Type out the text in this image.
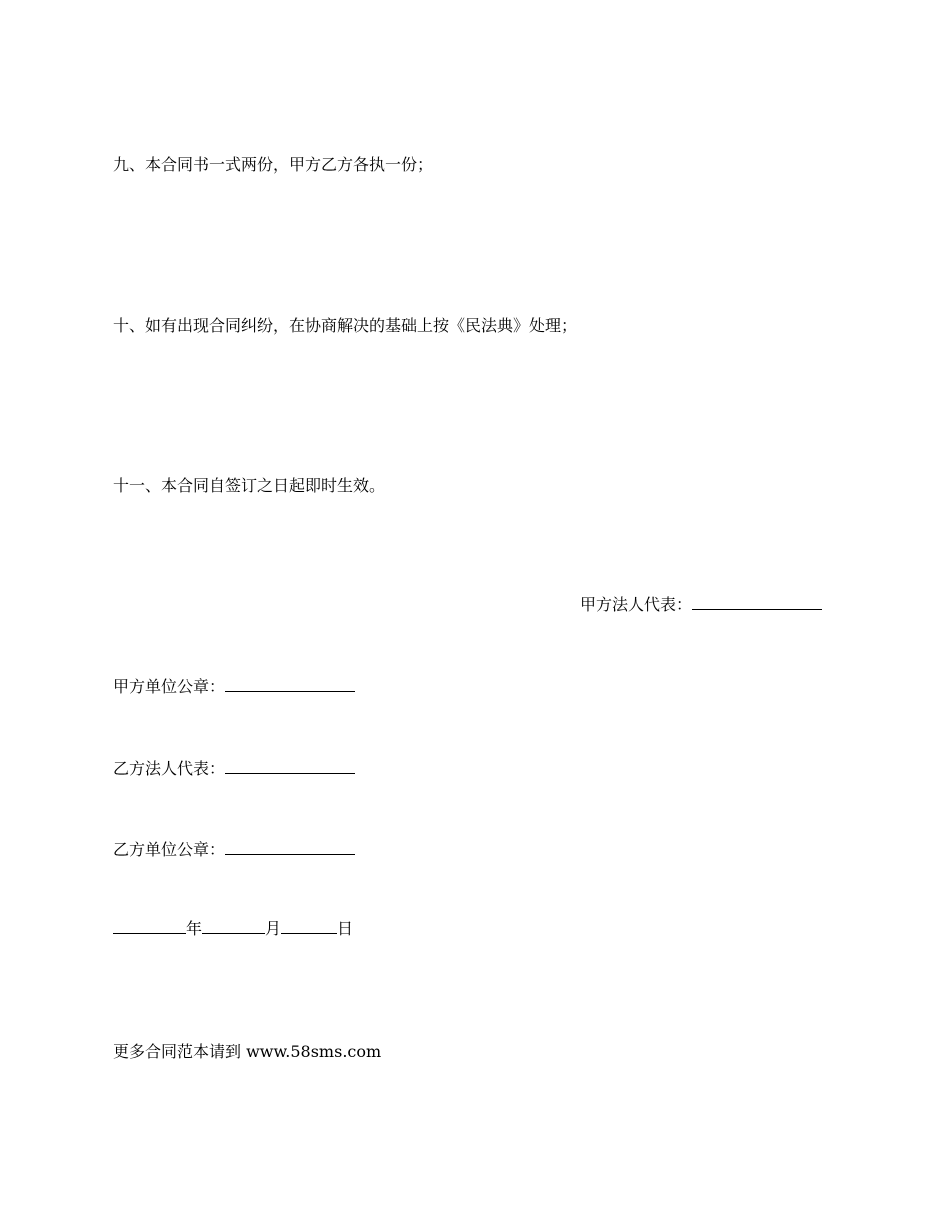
九、本合同书一式两份，甲方乙方各执一份；
十、如有出现合同纠纷，在协商解决的基础上按《民法典》处理；
十一、本合同自签订之日起即时生效。
甲方法人代表：
甲方单位公章：
乙方法人代表：
乙方单位公章：
年	月	日
更多合同范本请到 www.58sms.com
